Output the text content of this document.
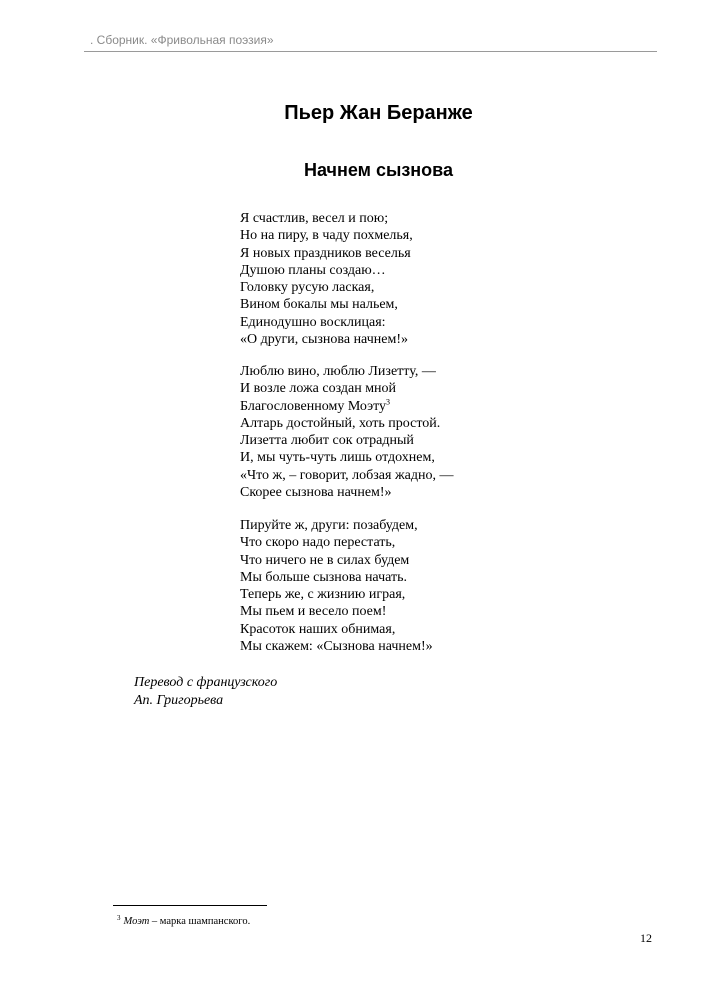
. Сборник. «Фривольная поэзия»
Пьер Жан Беранже
Начнем сызнова
Я счастлив, весел и пою;
Но на пиру, в чаду похмелья,
Я новых праздников веселья
Душою планы создаю…
Головку русую лаская,
Вином бокалы мы нальем,
Единодушно восклицая:
«О други, сызнова начнем!»
Люблю вино, люблю Лизетту, —
И возле ложа создан мной
Благословенному Моэту$^3$
Алтарь достойный, хоть простой.
Лизетта любит сок отрадный
И, мы чуть-чуть лишь отдохнем,
«Что ж, – говорит, лобзая жадно, —
Скорее сызнова начнем!»
Пируйте ж, други: позабудем,
Что скоро надо перестать,
Что ничего не в силах будем
Мы больше сызнова начать.
Теперь же, с жизнию играя,
Мы пьем и весело поем!
Красоток наших обнимая,
Мы скажем: «Сызнова начнем!»
Перевод с французского
Ап. Григорьева
$^3$ Моэт – марка шампанского.
12
